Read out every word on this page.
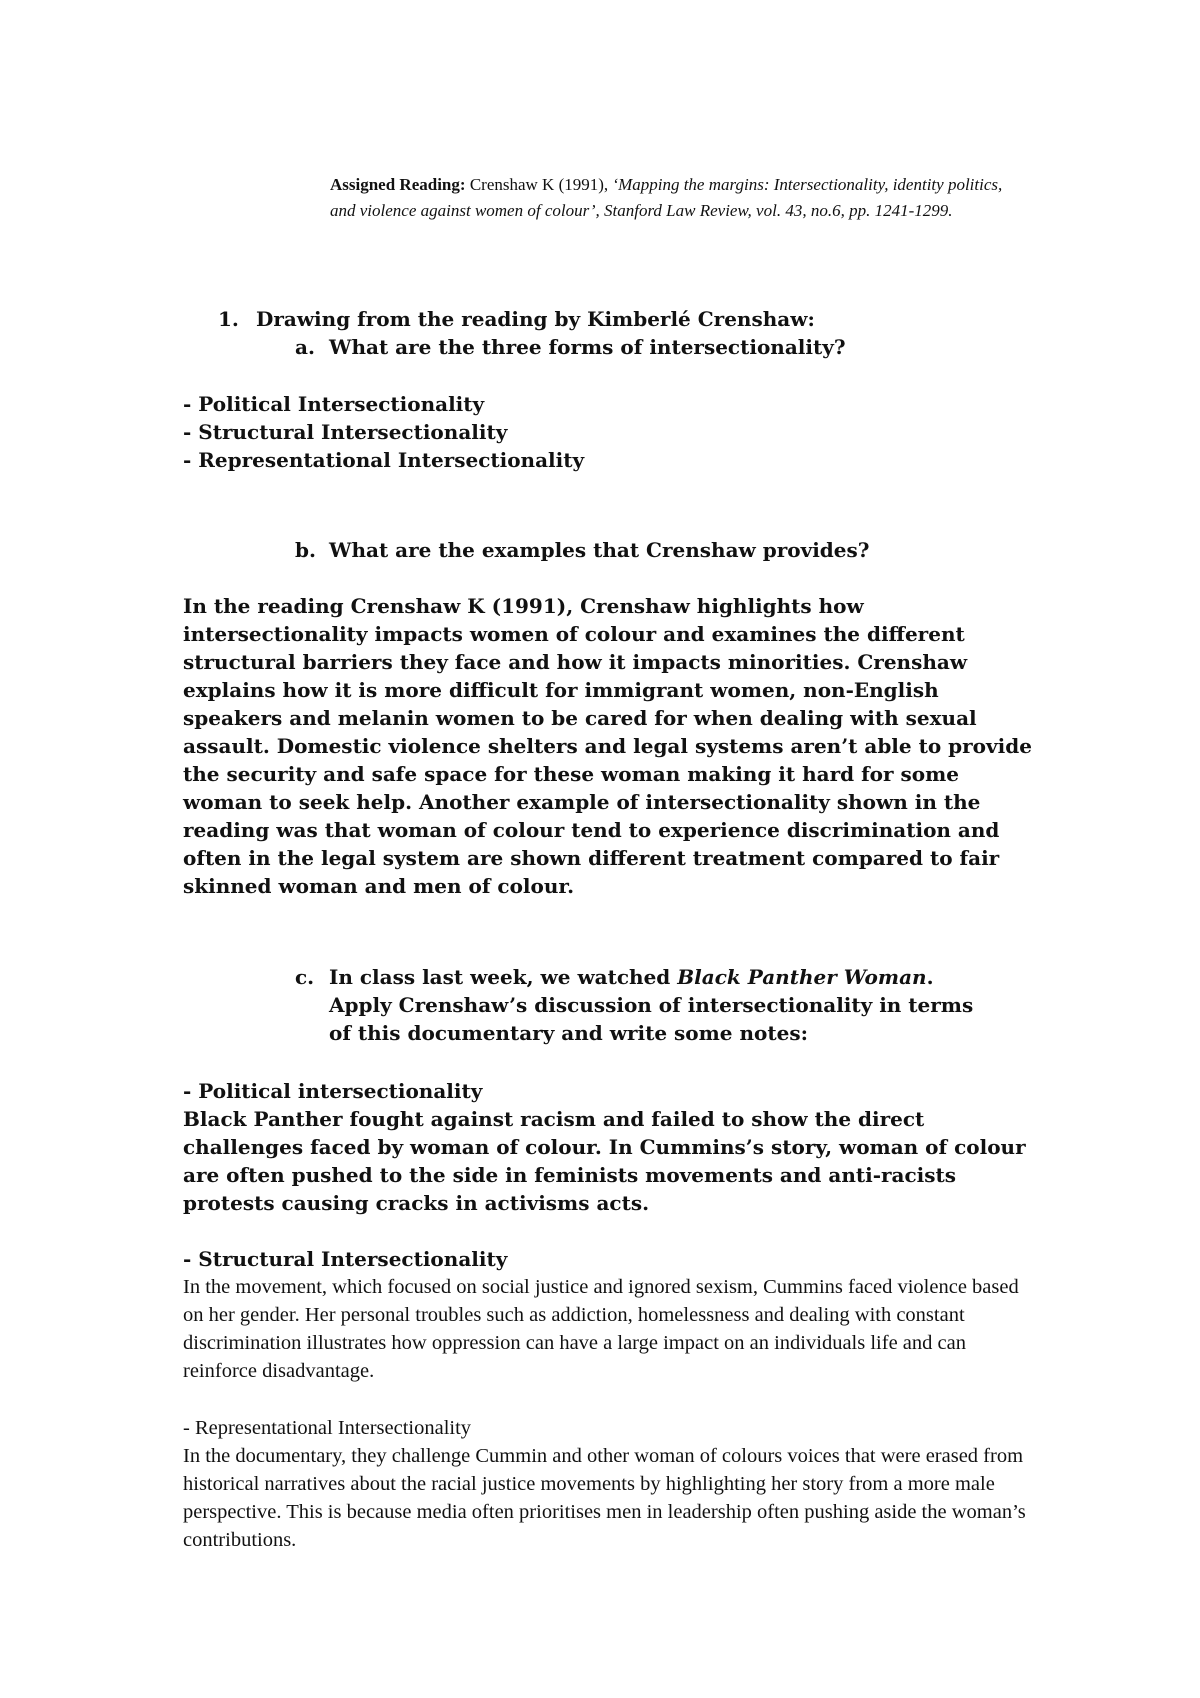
Assigned Reading: Crenshaw K (1991), ‘Mapping the margins: Intersectionality, identity politics, and violence against women of colour’, Stanford Law Review, vol. 43, no.6, pp. 1241-1299.
1. Drawing from the reading by Kimberlé Crenshaw:
a. What are the three forms of intersectionality?
- Political Intersectionality
- Structural Intersectionality
- Representational Intersectionality
b. What are the examples that Crenshaw provides?

In the reading Crenshaw K (1991), Crenshaw highlights how intersectionality impacts women of colour and examines the different structural barriers they face and how it impacts minorities. Crenshaw explains how it is more difficult for immigrant women, non-English speakers and melanin women to be cared for when dealing with sexual assault. Domestic violence shelters and legal systems aren’t able to provide the security and safe space for these woman making it hard for some woman to seek help. Another example of intersectionality shown in the reading was that woman of colour tend to experience discrimination and often in the legal system are shown different treatment compared to fair skinned woman and men of colour.

c. In class last week, we watched Black Panther Woman. Apply Crenshaw’s discussion of intersectionality in terms of this documentary and write some notes:

- Political intersectionality

Black Panther fought against racism and failed to show the direct challenges faced by woman of colour. In Cummins’s story, woman of colour are often pushed to the side in feminists movements and anti-racists protests causing cracks in activisms acts.

- Structural Intersectionality

In the movement, which focused on social justice and ignored sexism, Cummins faced violence based on her gender. Her personal troubles such as addiction, homelessness and dealing with constant discrimination illustrates how oppression can have a large impact on an individuals life and can reinforce disadvantage.

- Representational Intersectionality

In the documentary, they challenge Cummin and other woman of colours voices that were erased from historical narratives about the racial justice movements by highlighting her story from a more male perspective. This is because media often prioritises men in leadership often pushing aside the woman’s contributions.
